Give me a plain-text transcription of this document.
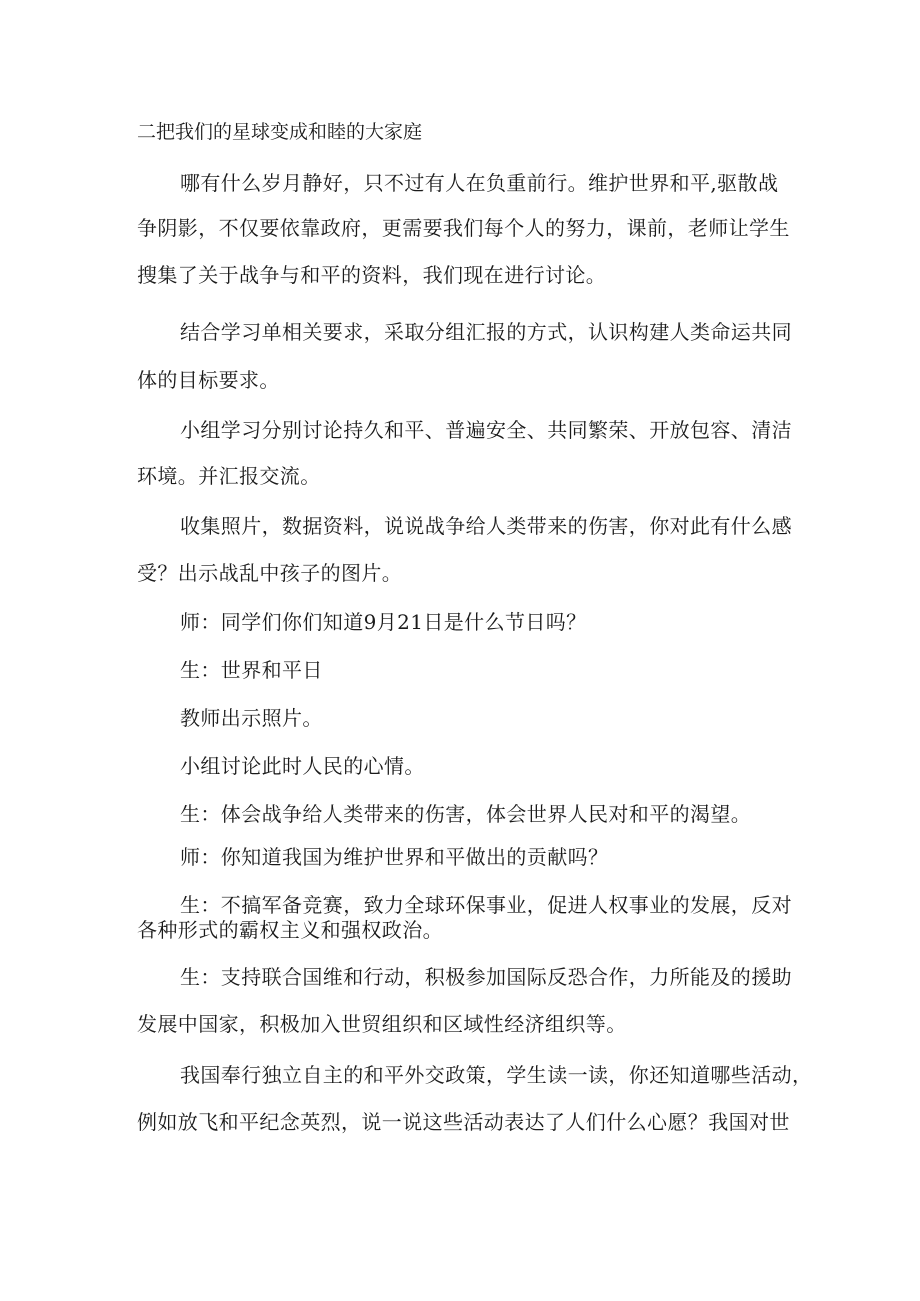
二把我们的星球变成和睦的大家庭
哪有什么岁月静好，只不过有人在负重前行。维护世界和平,驱散战
争阴影，不仅要依靠政府，更需要我们每个人的努力，课前，老师让学生
搜集了关于战争与和平的资料，我们现在进行讨论。
结合学习单相关要求，采取分组汇报的方式，认识构建人类命运共同
体的目标要求。
小组学习分别讨论持久和平、普遍安全、共同繁荣、开放包容、清洁
环境。并汇报交流。
收集照片，数据资料，说说战争给人类带来的伤害，你对此有什么感
受？出示战乱中孩子的图片。
师：同学们你们知道9月21日是什么节日吗？
生：世界和平日
教师出示照片。
小组讨论此时人民的心情。
生：体会战争给人类带来的伤害，体会世界人民对和平的渴望。
师：你知道我国为维护世界和平做出的贡献吗？
生：不搞军备竞赛，致力全球环保事业，促进人权事业的发展，反对
各种形式的霸权主义和强权政治。
生：支持联合国维和行动，积极参加国际反恐合作，力所能及的援助
发展中国家，积极加入世贸组织和区域性经济组织等。
我国奉行独立自主的和平外交政策，学生读一读，你还知道哪些活动，
例如放飞和平纪念英烈，说一说这些活动表达了人们什么心愿？我国对世
